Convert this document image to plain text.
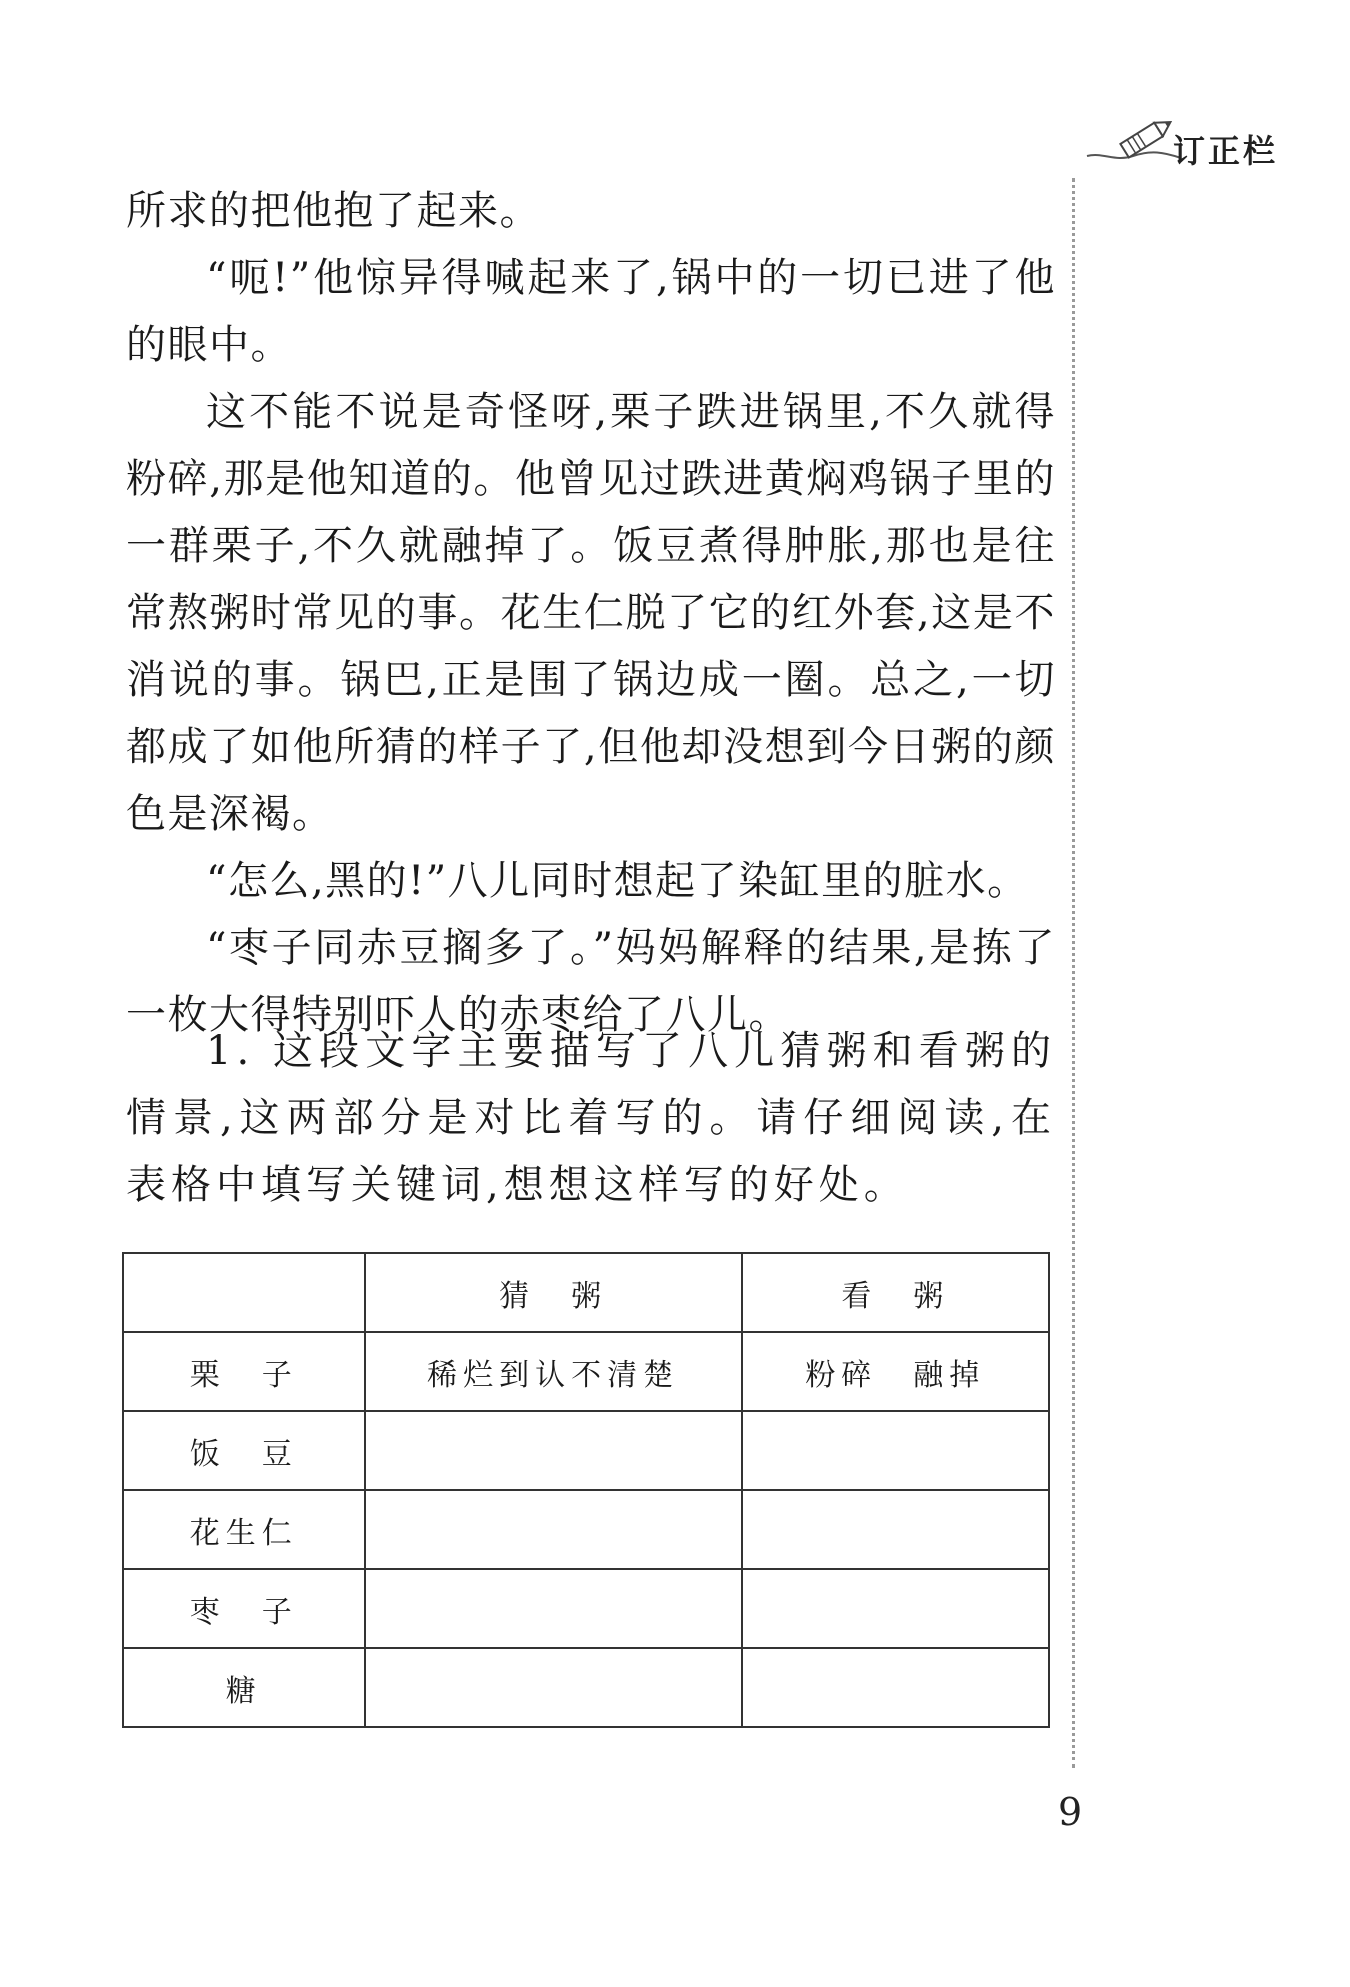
订正栏

所求的把他抱了起来。

“呃!”他惊异得喊起来了,锅中的一切已进了他的眼中。

这不能不说是奇怪呀,栗子跌进锅里,不久就得粉碎,那是他知道的。他曾见过跌进黄焖鸡锅子里的一群栗子,不久就融掉了。饭豆煮得肿胀,那也是往常熬粥时常见的事。花生仁脱了它的红外套,这是不消说的事。锅巴,正是围了锅边成一圈。总之,一切都成了如他所猜的样子了,但他却没想到今日粥的颜色是深褐。

“怎么,黑的!”八儿同时想起了染缸里的脏水。

“枣子同赤豆搁多了。”妈妈解释的结果,是拣了一枚大得特别吓人的赤枣给了八儿。

1. 这段文字主要描写了八儿猜粥和看粥的情景,这两部分是对比着写的。请仔细阅读,在表格中填写关键词,想想这样写的好处。
	猜　粥	看　粥
栗　子	稀烂到认不清楚	粉碎　融掉
饭　豆		
花生仁		
枣　子		
糖		
9
